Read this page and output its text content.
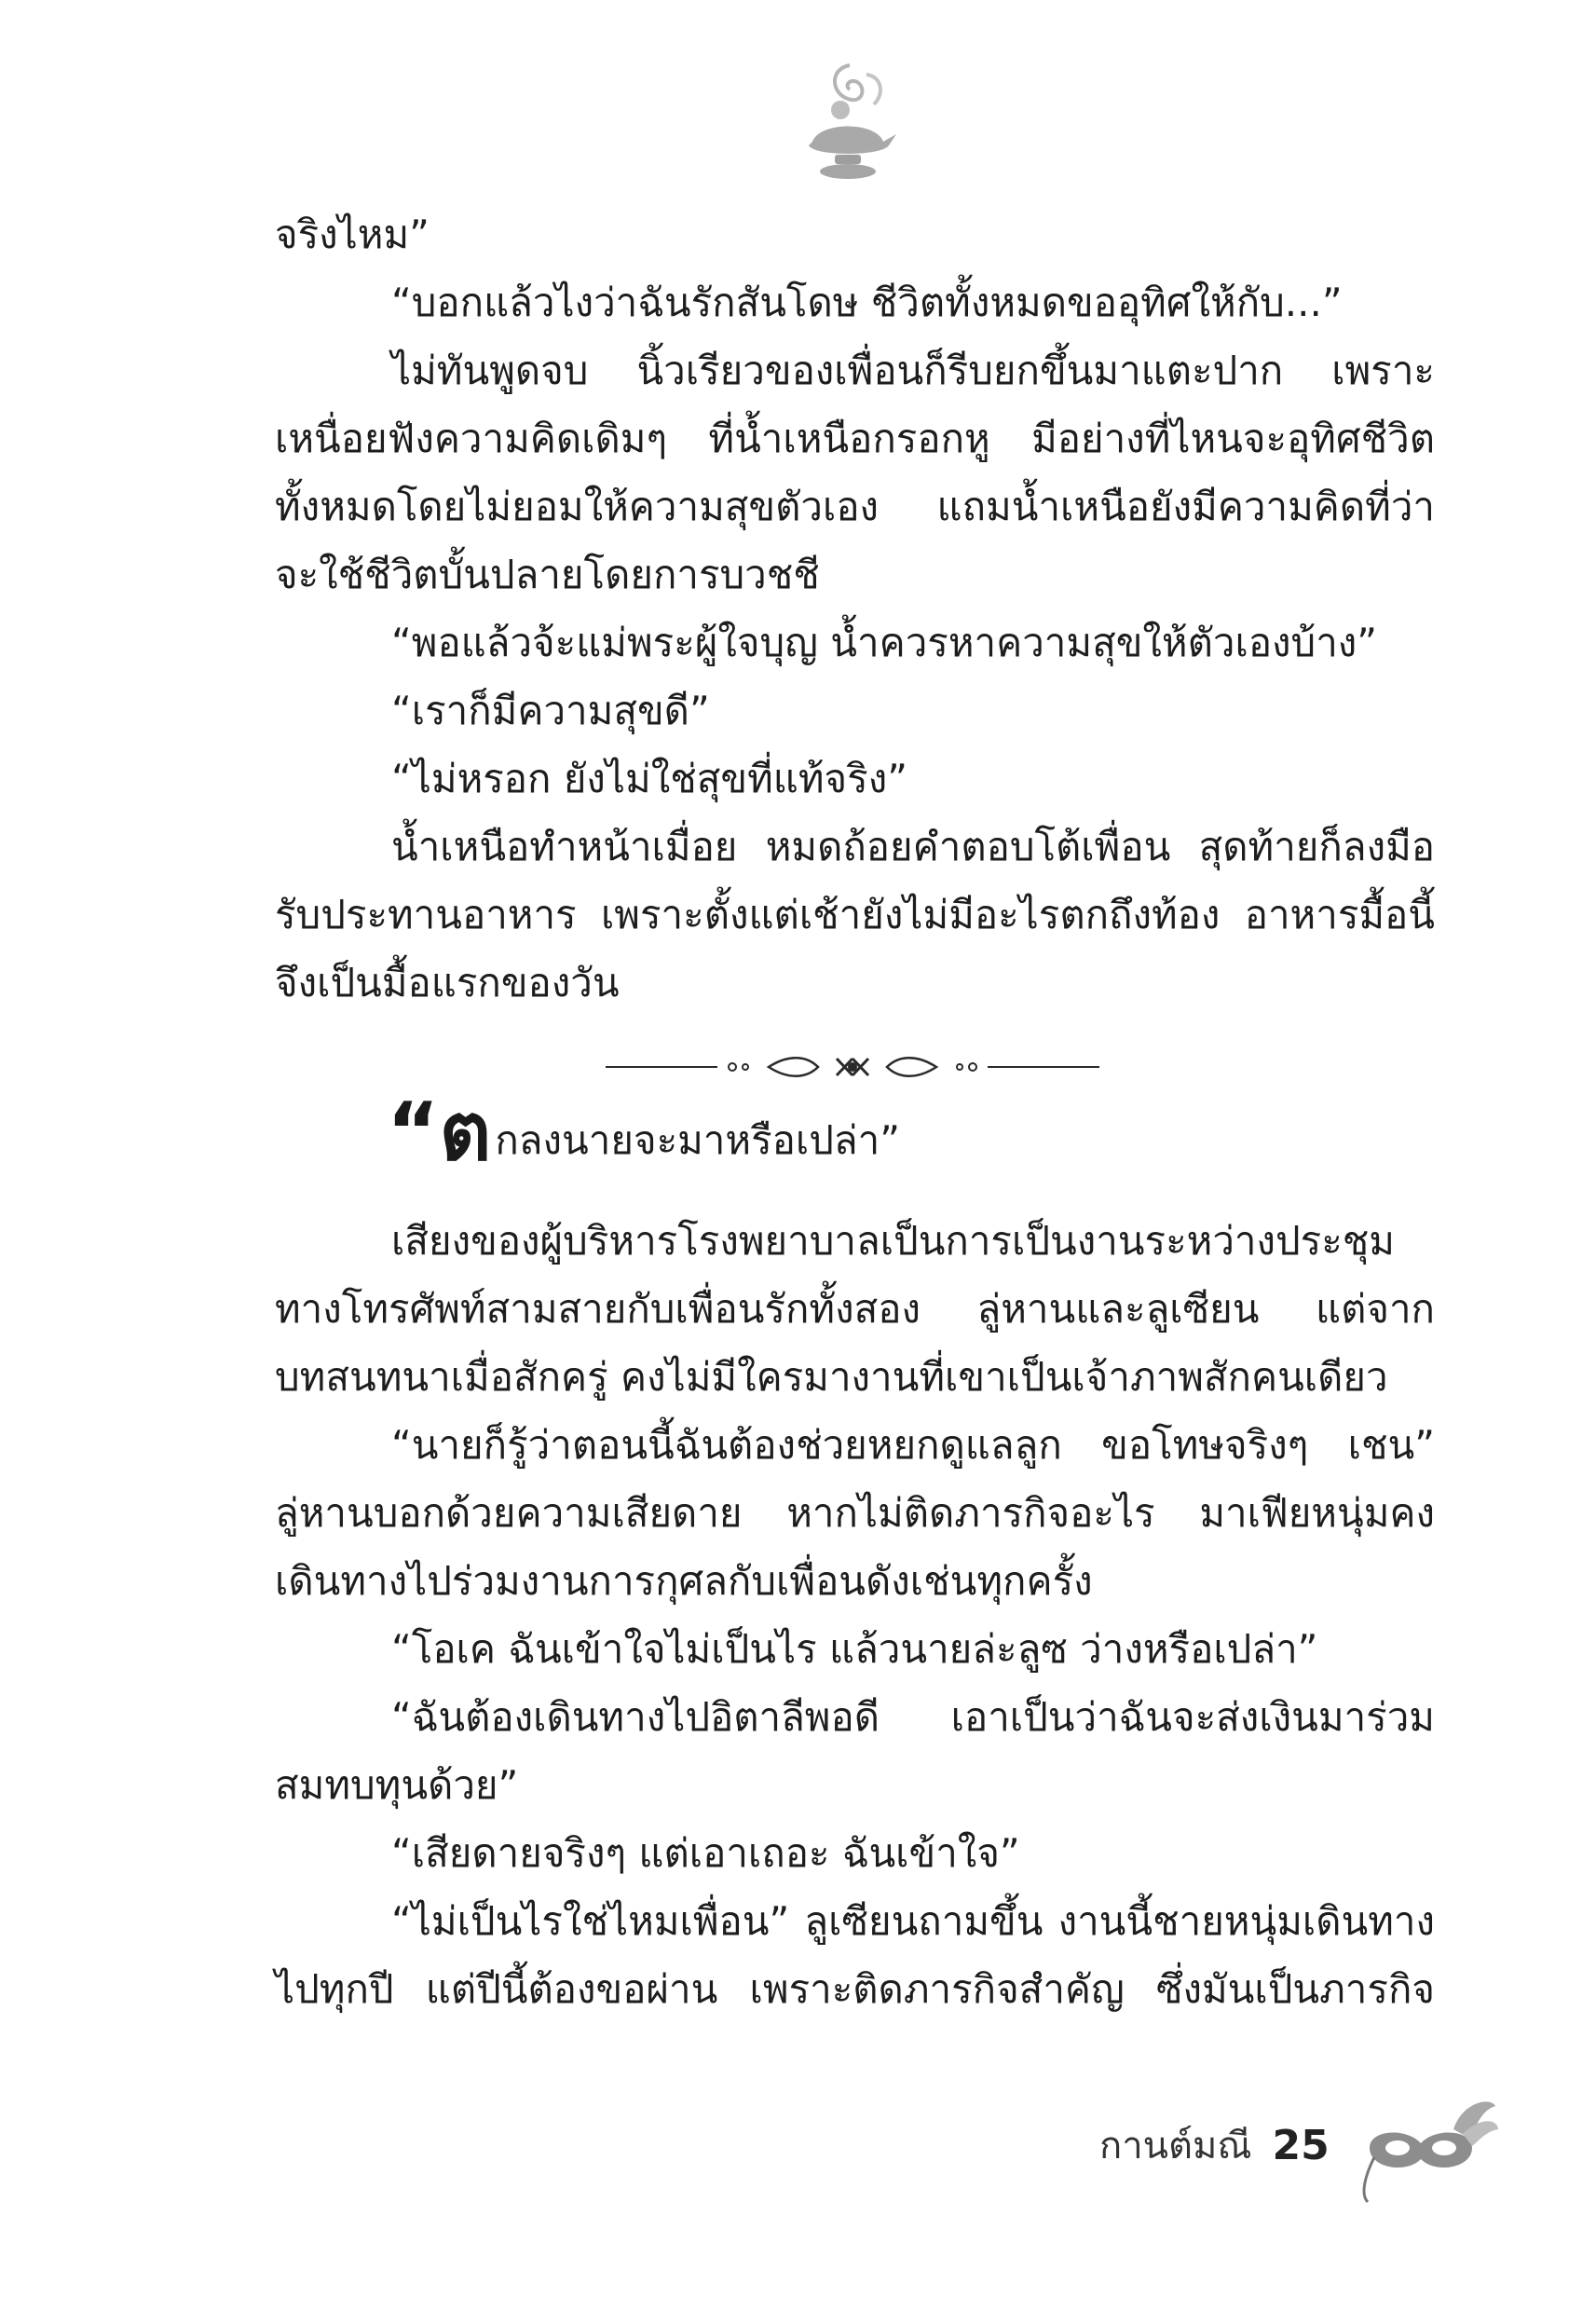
จริงไหม”

“บอกแล้วไงว่าฉันรักสันโดษ ชีวิตทั้งหมดขออุทิศให้กับ...”

ไม่ทันพูดจบ นิ้วเรียวของเพื่อนก็รีบยกขึ้นมาแตะปาก เพราะ

เหนื่อยฟังความคิดเดิมๆ ที่น้ำเหนือกรอกหู มีอย่างที่ไหนจะอุทิศชีวิต

ทั้งหมดโดยไม่ยอมให้ความสุขตัวเอง แถมน้ำเหนือยังมีความคิดที่ว่า

จะใช้ชีวิตบั้นปลายโดยการบวชชี

“พอแล้วจ้ะแม่พระผู้ใจบุญ น้ำควรหาความสุขให้ตัวเองบ้าง”

“เราก็มีความสุขดี”

“ไม่หรอก ยังไม่ใช่สุขที่แท้จริง”

น้ำเหนือทำหน้าเมื่อย หมดถ้อยคำตอบโต้เพื่อน สุดท้ายก็ลงมือ

รับประทานอาหาร เพราะตั้งแต่เช้ายังไม่มีอะไรตกถึงท้อง อาหารมื้อนี้

จึงเป็นมื้อแรกของวัน

“ต กลงนายจะมาหรือเปล่า”

เสียงของผู้บริหารโรงพยาบาลเป็นการเป็นงานระหว่างประชุม

ทางโทรศัพท์สามสายกับเพื่อนรักทั้งสอง ลู่หานและลูเซียน แต่จาก

บทสนทนาเมื่อสักครู่ คงไม่มีใครมางานที่เขาเป็นเจ้าภาพสักคนเดียว

“นายก็รู้ว่าตอนนี้ฉันต้องช่วยหยกดูแลลูก ขอโทษจริงๆ เชน”

ลู่หานบอกด้วยความเสียดาย หากไม่ติดภารกิจอะไร มาเฟียหนุ่มคง

เดินทางไปร่วมงานการกุศลกับเพื่อนดังเช่นทุกครั้ง

“โอเค ฉันเข้าใจไม่เป็นไร แล้วนายล่ะลูซ ว่างหรือเปล่า”

“ฉันต้องเดินทางไปอิตาลีพอดี เอาเป็นว่าฉันจะส่งเงินมาร่วม

สมทบทุนด้วย”

“เสียดายจริงๆ แต่เอาเถอะ ฉันเข้าใจ”

“ไม่เป็นไรใช่ไหมเพื่อน” ลูเซียนถามขึ้น งานนี้ชายหนุ่มเดินทาง

ไปทุกปี แต่ปีนี้ต้องขอผ่าน เพราะติดภารกิจสำคัญ ซึ่งมันเป็นภารกิจ

กานต์มณี 25
